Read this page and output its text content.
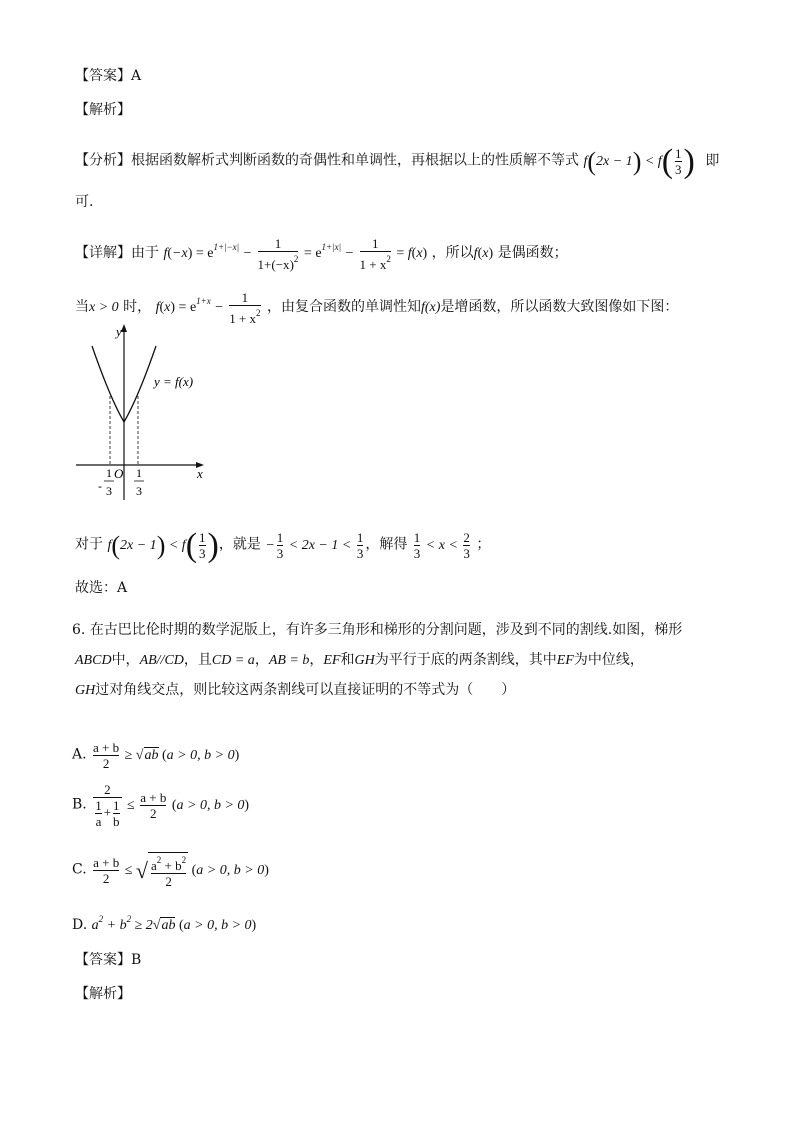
【答案】A
【解析】
【分析】根据函数解析式判断函数的奇偶性和单调性，再根据以上的性质解不等式 $f(2x - 1) < f( \frac{1}{3}$ ) 即
可.
【详解】由于 $f(-x) = e^{1+|-x|} - \frac{1}{1+(-x)^2} = e^{1+|x|} - \frac{1}{1 + x^2} = f(x)$ ，所以f(x) 是偶函数；
当x > 0 时， $f(x) = e^{1+x} - \frac{1}{1 + x^2}$ ，由复合函数的单调性知f(x)是增函数，所以函数大致图像如下图：
y
x
O
y = f(x)
-
1
3
1
3
对于 $f(2x - 1) < f( \frac{1}{3}$ )，就是 − $\frac{1}{3} < 2x - 1 < \frac{1}{3}$ ，解得 $\frac{1}{3} < x < \frac{2}{3}$ ；
故选：A
6. 在古巴比伦时期的数学泥版上，有许多三角形和梯形的分割问题，涉及到不同的割线.如图，梯形
ABCD中，AB//CD，且CD = a，AB = b，EF和GH为平行于底的两条割线，其中EF为中位线，
GH过对角线交点，则比较这两条割线可以直接证明的不等式为（　　）
A. $\frac{a + b}{2} \ge √ab$ (a > 0, b > 0)
B. $\frac{2}{\frac{1}{a} + \frac{1}{b}} \le \frac{a + b}{2} (a > 0$, b > 0)
C. $\frac{a + b}{2}$ ≤ √ $\frac{a^2 + b^2}{2} (a > 0$, b > 0)
D. $a^2 + b^2 \ge 2√ab$ (a > 0, b > 0)
【答案】B
【解析】
